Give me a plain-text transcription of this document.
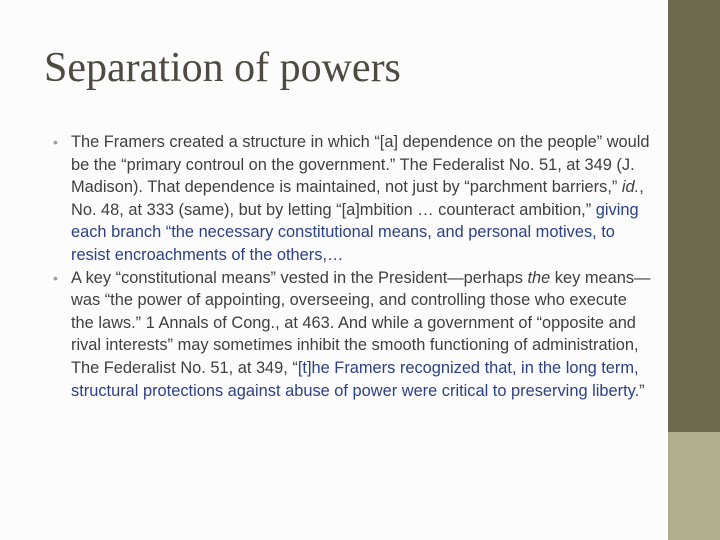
Separation of powers
• The Framers created a structure in which “[a] dependence on the people” would be the “primary controul on the government.” The Federalist No. 51, at 349 (J. Madison). That dependence is maintained, not just by “parchment barriers,” id., No. 48, at 333 (same), but by letting “[a]mbition … counteract ambition,” giving each branch “the necessary constitutional means, and personal motives, to resist encroachments of the others,…
• A key “constitutional means” vested in the President—perhaps the key means—was “the power of appointing, overseeing, and controlling those who execute the laws.” 1 Annals of Cong., at 463. And while a government of “opposite and rival interests” may sometimes inhibit the smooth functioning of administration, The Federalist No. 51, at 349, “[t]he Framers recognized that, in the long term, structural protections against abuse of power were critical to preserving liberty.”
